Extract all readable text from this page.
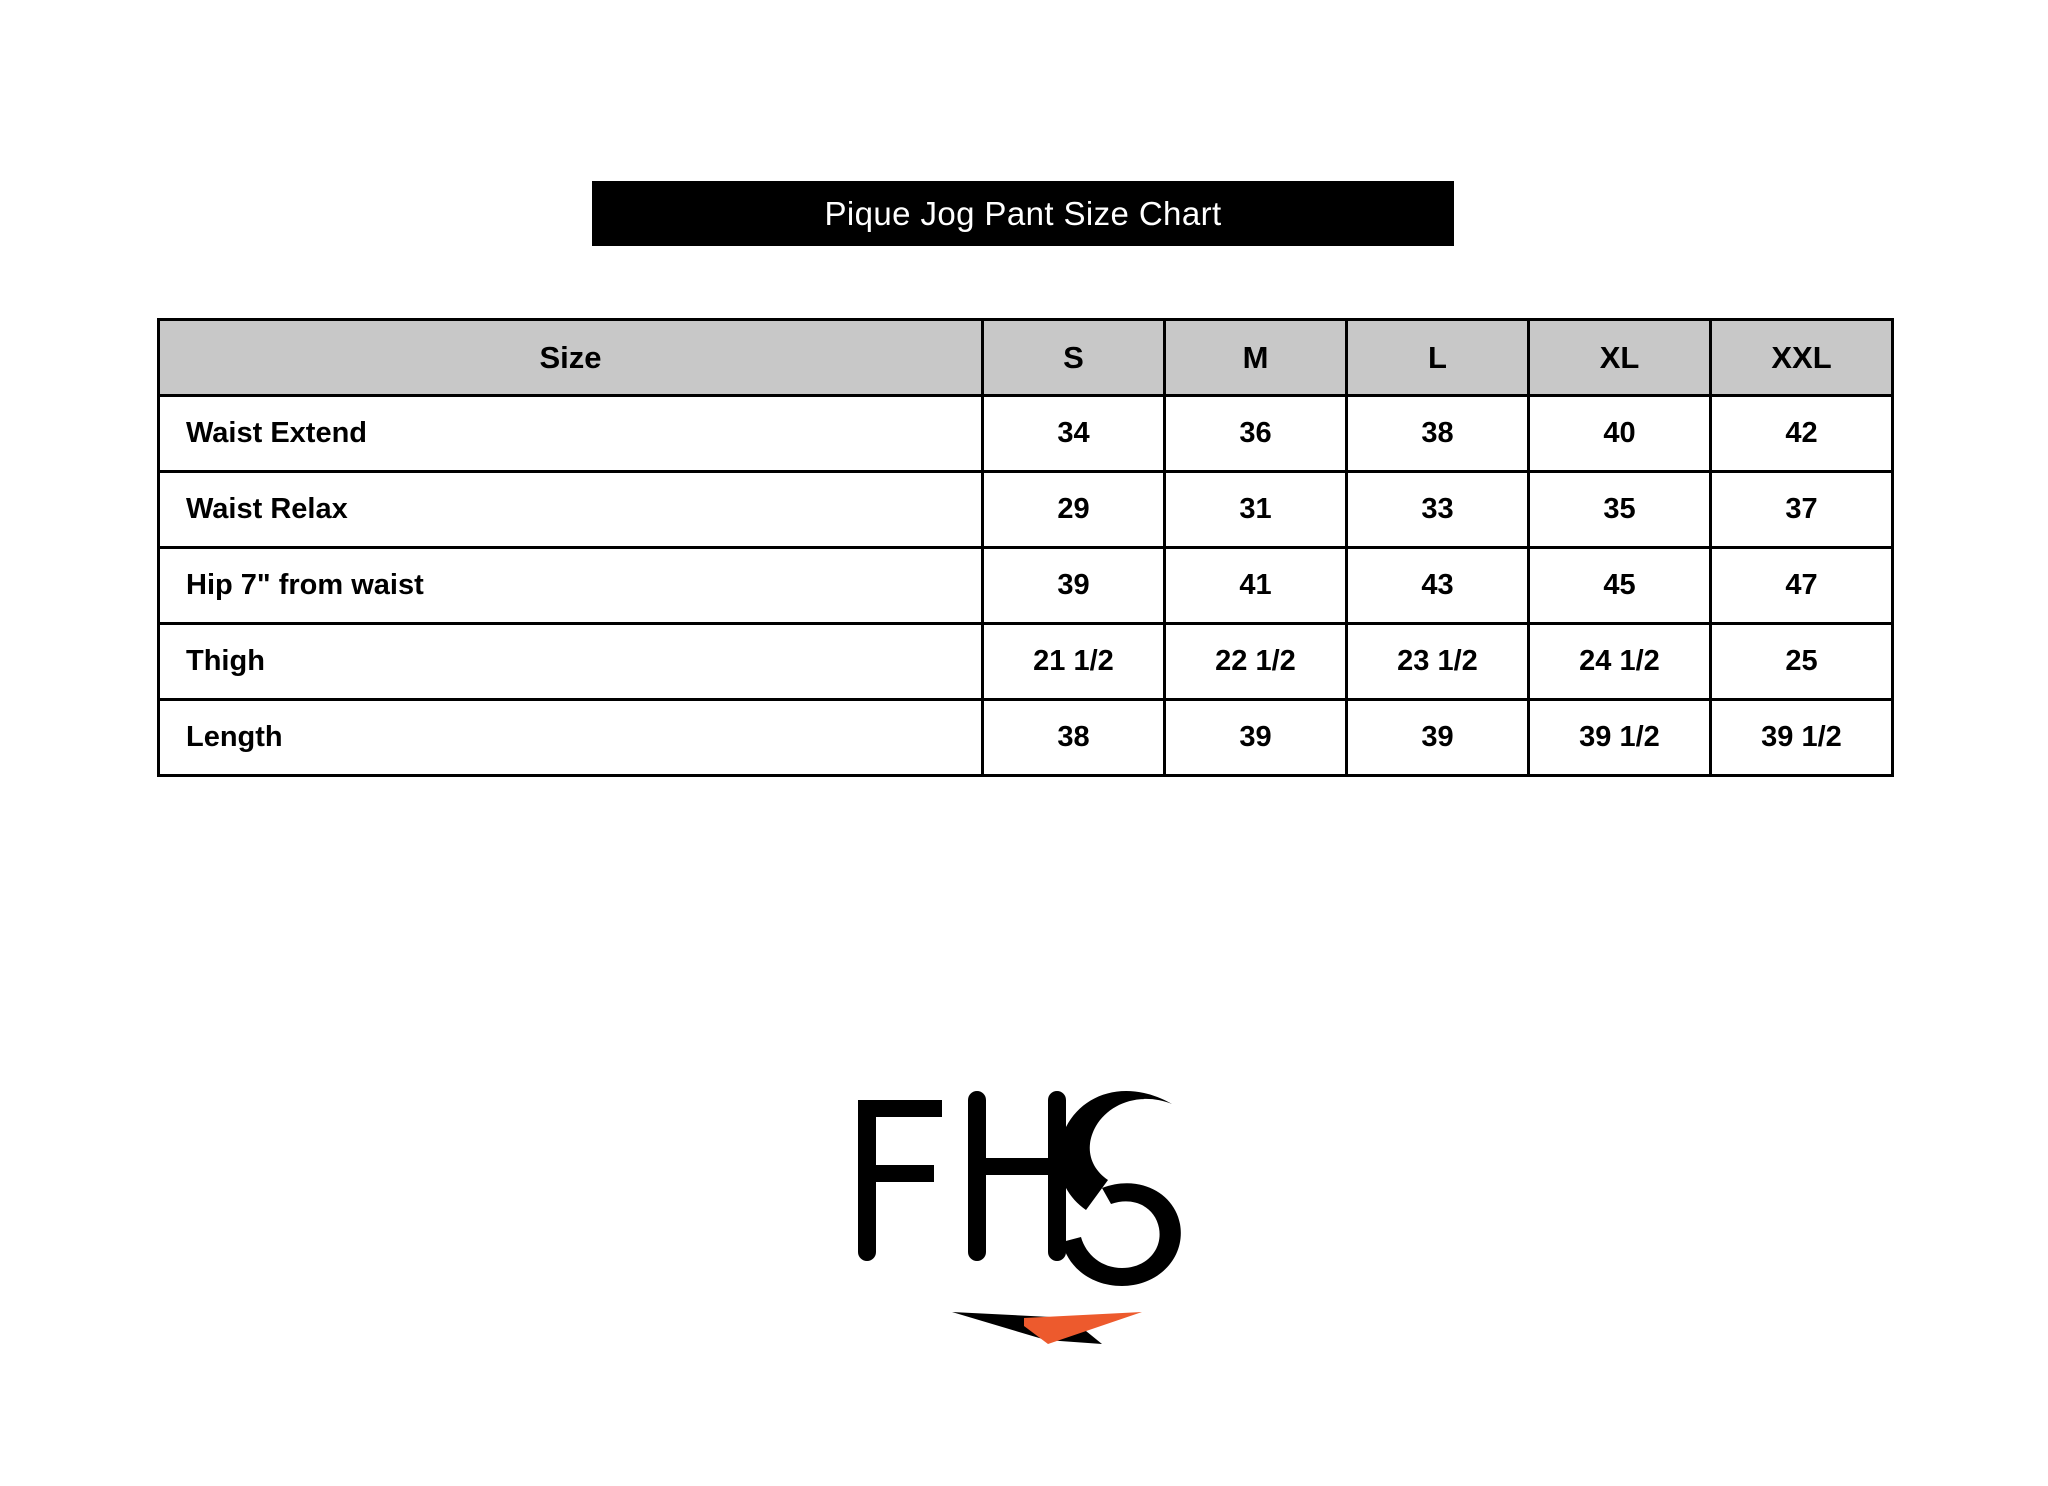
Pique Jog Pant Size Chart
Size	S	M	L	XL	XXL
Waist Extend	34	36	38	40	42
Waist Relax	29	31	33	35	37
Hip 7" from waist	39	41	43	45	47
Thigh	21 1/2	22 1/2	23 1/2	24 1/2	25
Length	38	39	39	39 1/2	39 1/2
